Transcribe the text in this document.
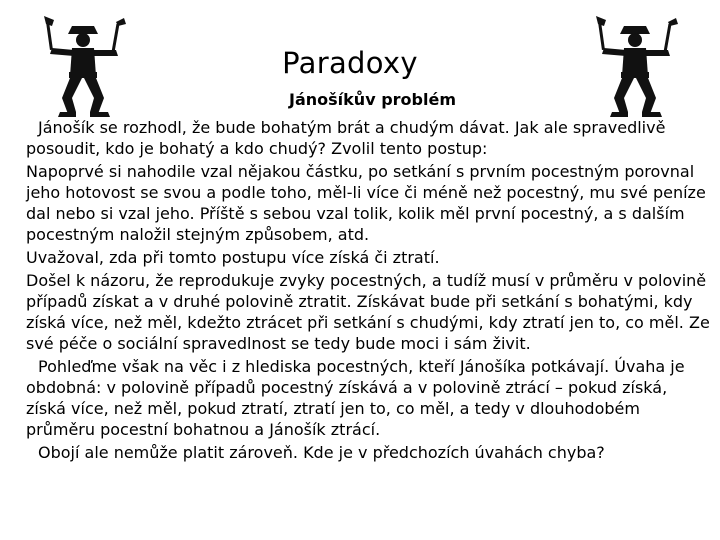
Paradoxy
Jánošíkův problém

Jánošík se rozhodl, že bude bohatým brát a chudým dávat. Jak ale spravedlivě posoudit, kdo je bohatý a kdo chudý? Zvolil tento postup:

Napoprvé si nahodile vzal nějakou částku, po setkání s prvním pocestným porovnal jeho hotovost se svou a podle toho, měl-li více či méně než pocestný, mu své peníze dal nebo si vzal jeho. Příště s sebou vzal tolik, kolik měl první pocestný, a s dalším pocestným naložil stejným způsobem, atd.

Uvažoval, zda při tomto postupu více získá či ztratí.

Došel k názoru, že reprodukuje zvyky pocestných, a tudíž musí v průměru v polovině případů získat a v druhé polovině ztratit. Získávat bude při setkání s bohatými, kdy získá více, než měl, kdežto ztrácet při setkání s chudými, kdy ztratí jen to, co měl. Ze své péče o sociální spravedlnost se tedy bude moci i sám živit.

Pohleďme však na věc i z hlediska pocestných, kteří Jánošíka potkávají. Úvaha je obdobná: v polovině případů pocestný získává a v polovině ztrácí – pokud získá, získá více, než měl, pokud ztratí, ztratí jen to, co měl, a tedy v dlouhodobém průměru pocestní bohatnou a Jánošík ztrácí.

Obojí ale nemůže platit zároveň. Kde je v předchozích úvahách chyba?
